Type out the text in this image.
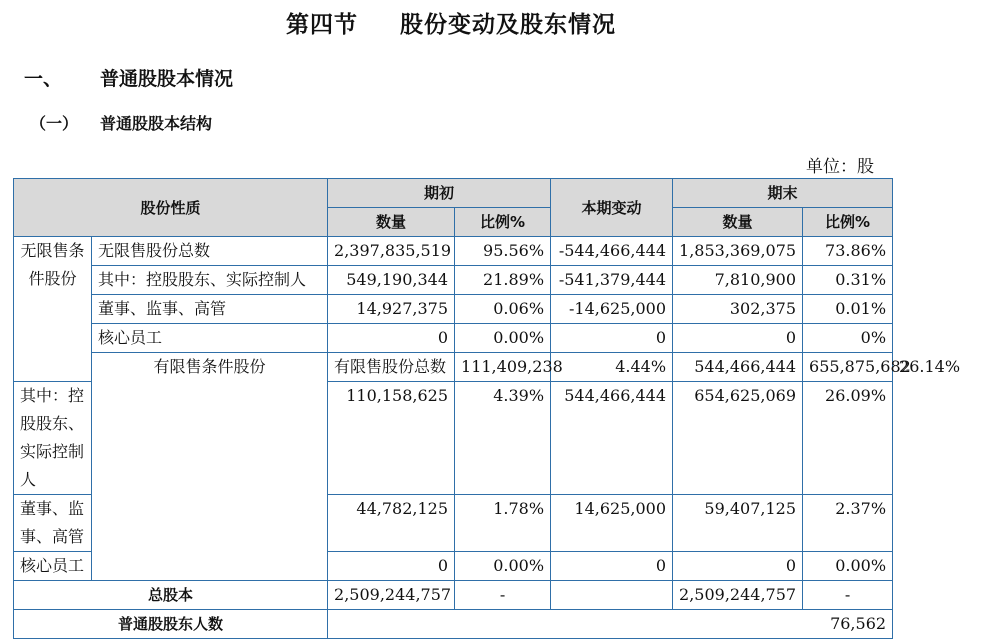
第四节 股份变动及股东情况
一、 普通股股本情况
（一） 普通股股本结构
单位：股
股份性质		期初		本期变动	期末		
		数量	比例%		数量	比例%	
无限售条件股份	无限售股份总数	2,397,835,519	95.56%	-544,466,444	1,853,369,075	73.86%	
	其中：控股股东、实际控制人	549,190,344	21.89%	-541,379,444	7,810,900	0.31%	
	董事、监事、高管	14,927,375	0.06%	-14,625,000	302,375	0.01%	
	核心员工	0	0.00%	0	0	0%	
	有限售条件股份	有限售股份总数	111,409,238	4.44%	544,466,444	655,875,682	26.14%
其中：控股股东、实际控制人		110,158,625	4.39%	544,466,444	654,625,069	26.09%	
董事、监事、高管		44,782,125	1.78%	14,625,000	59,407,125	2.37%	
核心员工		0	0.00%	0	0	0.00%	
总股本		2,509,244,757	-		2,509,244,757	-	
普通股股东人数		76,562					
